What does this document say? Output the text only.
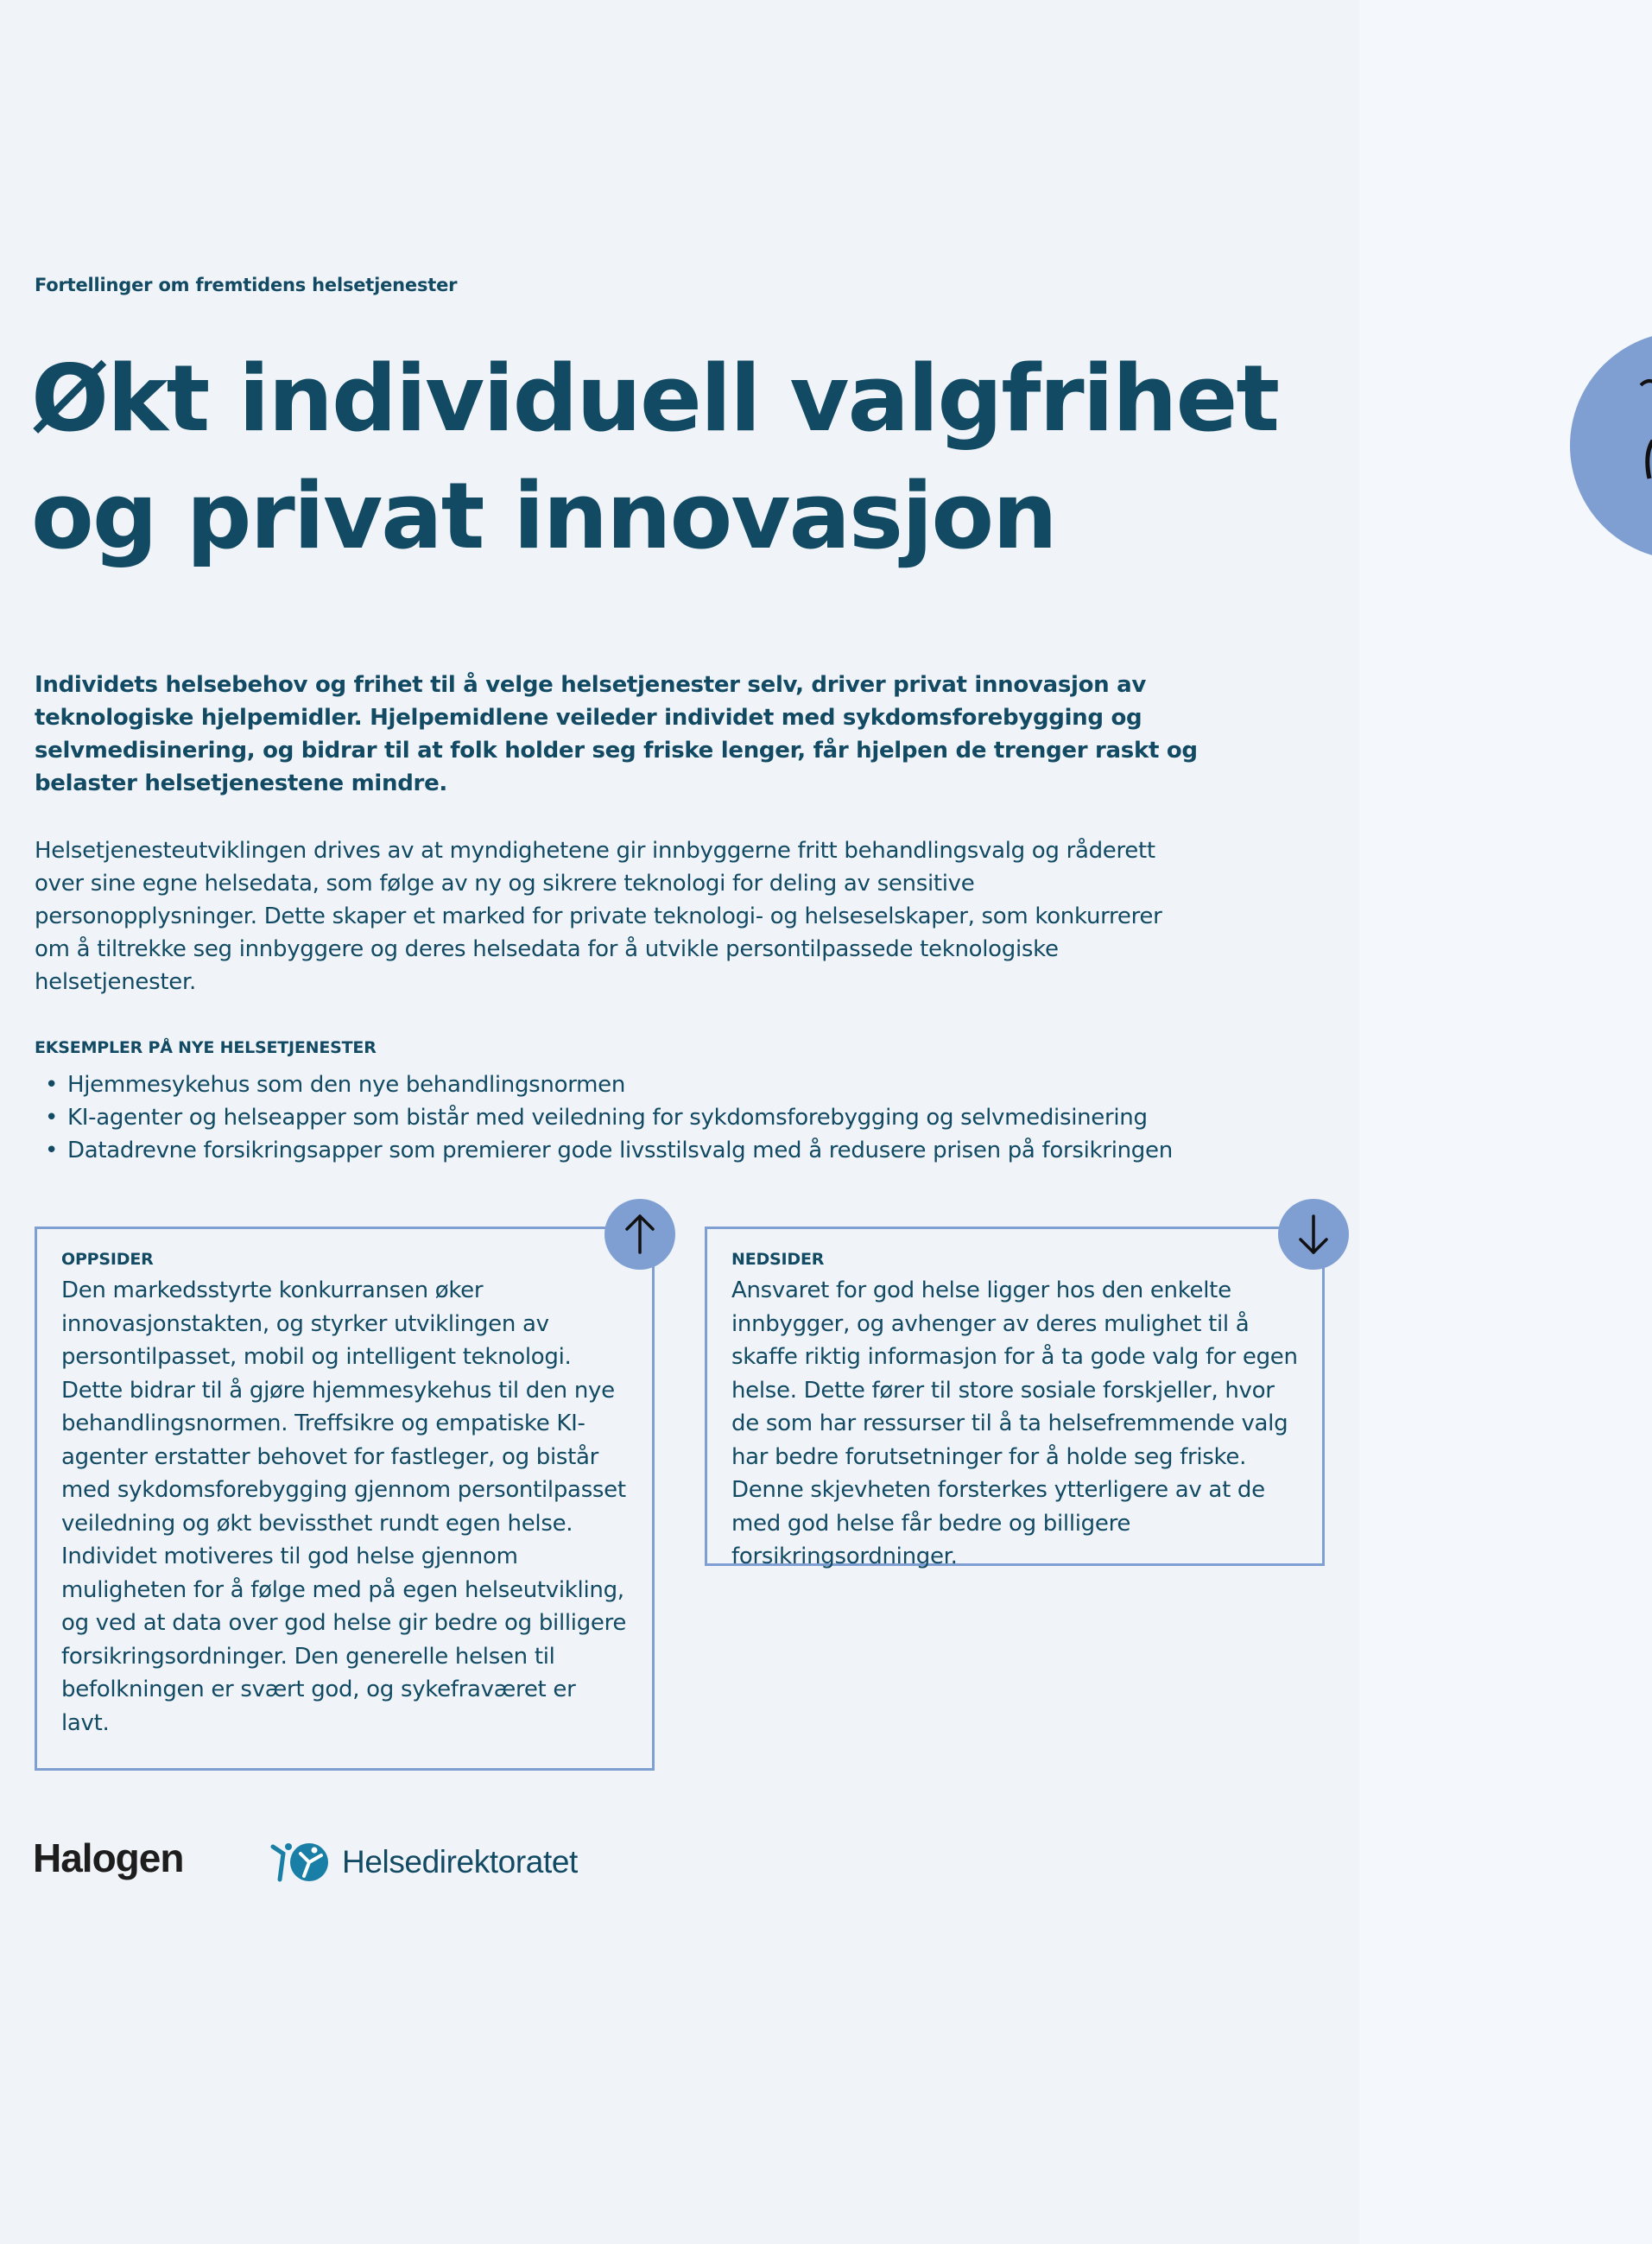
Fortellinger om fremtidens helsetjenester
Økt individuell valgfrihet
og privat innovasjon

Individets helsebehov og frihet til å velge helsetjenester selv, driver privat innovasjon av teknologiske hjelpemidler. Hjelpemidlene veileder individet med sykdomsforebygging og selvmedisinering, og bidrar til at folk holder seg friske lenger, får hjelpen de trenger raskt og belaster helsetjenestene mindre.

Helsetjenesteutviklingen drives av at myndighetene gir innbyggerne fritt behandlingsvalg og råderett over sine egne helsedata, som følge av ny og sikrere teknologi for deling av sensitive personopplysninger. Dette skaper et marked for private teknologi- og helseselskaper, som konkurrerer om å tiltrekke seg innbyggere og deres helsedata for å utvikle persontilpassede teknologiske helsetjenester.

EKSEMPLER PÅ NYE HELSETJENESTER
• Hjemmesykehus som den nye behandlingsnormen
• KI-agenter og helseapper som bistår med veiledning for sykdomsforebygging og selvmedisinering
• Datadrevne forsikringsapper som premierer gode livsstilsvalg med å redusere prisen på forsikringen
OPPSIDER

Den markedsstyrte konkurransen øker innovasjonstakten, og styrker utviklingen av persontilpasset, mobil og intelligent teknologi. Dette bidrar til å gjøre hjemmesykehus til den nye behandlingsnormen. Treffsikre og empatiske KI-agenter erstatter behovet for fastleger, og bistår med sykdomsforebygging gjennom persontilpasset veiledning og økt bevissthet rundt egen helse. Individet motiveres til god helse gjennom muligheten for å følge med på egen helseutvikling, og ved at data over god helse gir bedre og billigere forsikringsordninger. Den generelle helsen til befolkningen er svært god, og sykefraværet er lavt.

NEDSIDER

Ansvaret for god helse ligger hos den enkelte innbygger, og avhenger av deres mulighet til å skaffe riktig informasjon for å ta gode valg for egen helse. Dette fører til store sosiale forskjeller, hvor de som har ressurser til å ta helsefremmende valg har bedre forutsetninger for å holde seg friske. Denne skjevheten forsterkes ytterligere av at de med god helse får bedre og billigere forsikringsordninger.

Halogen	Helsedirektoratet
